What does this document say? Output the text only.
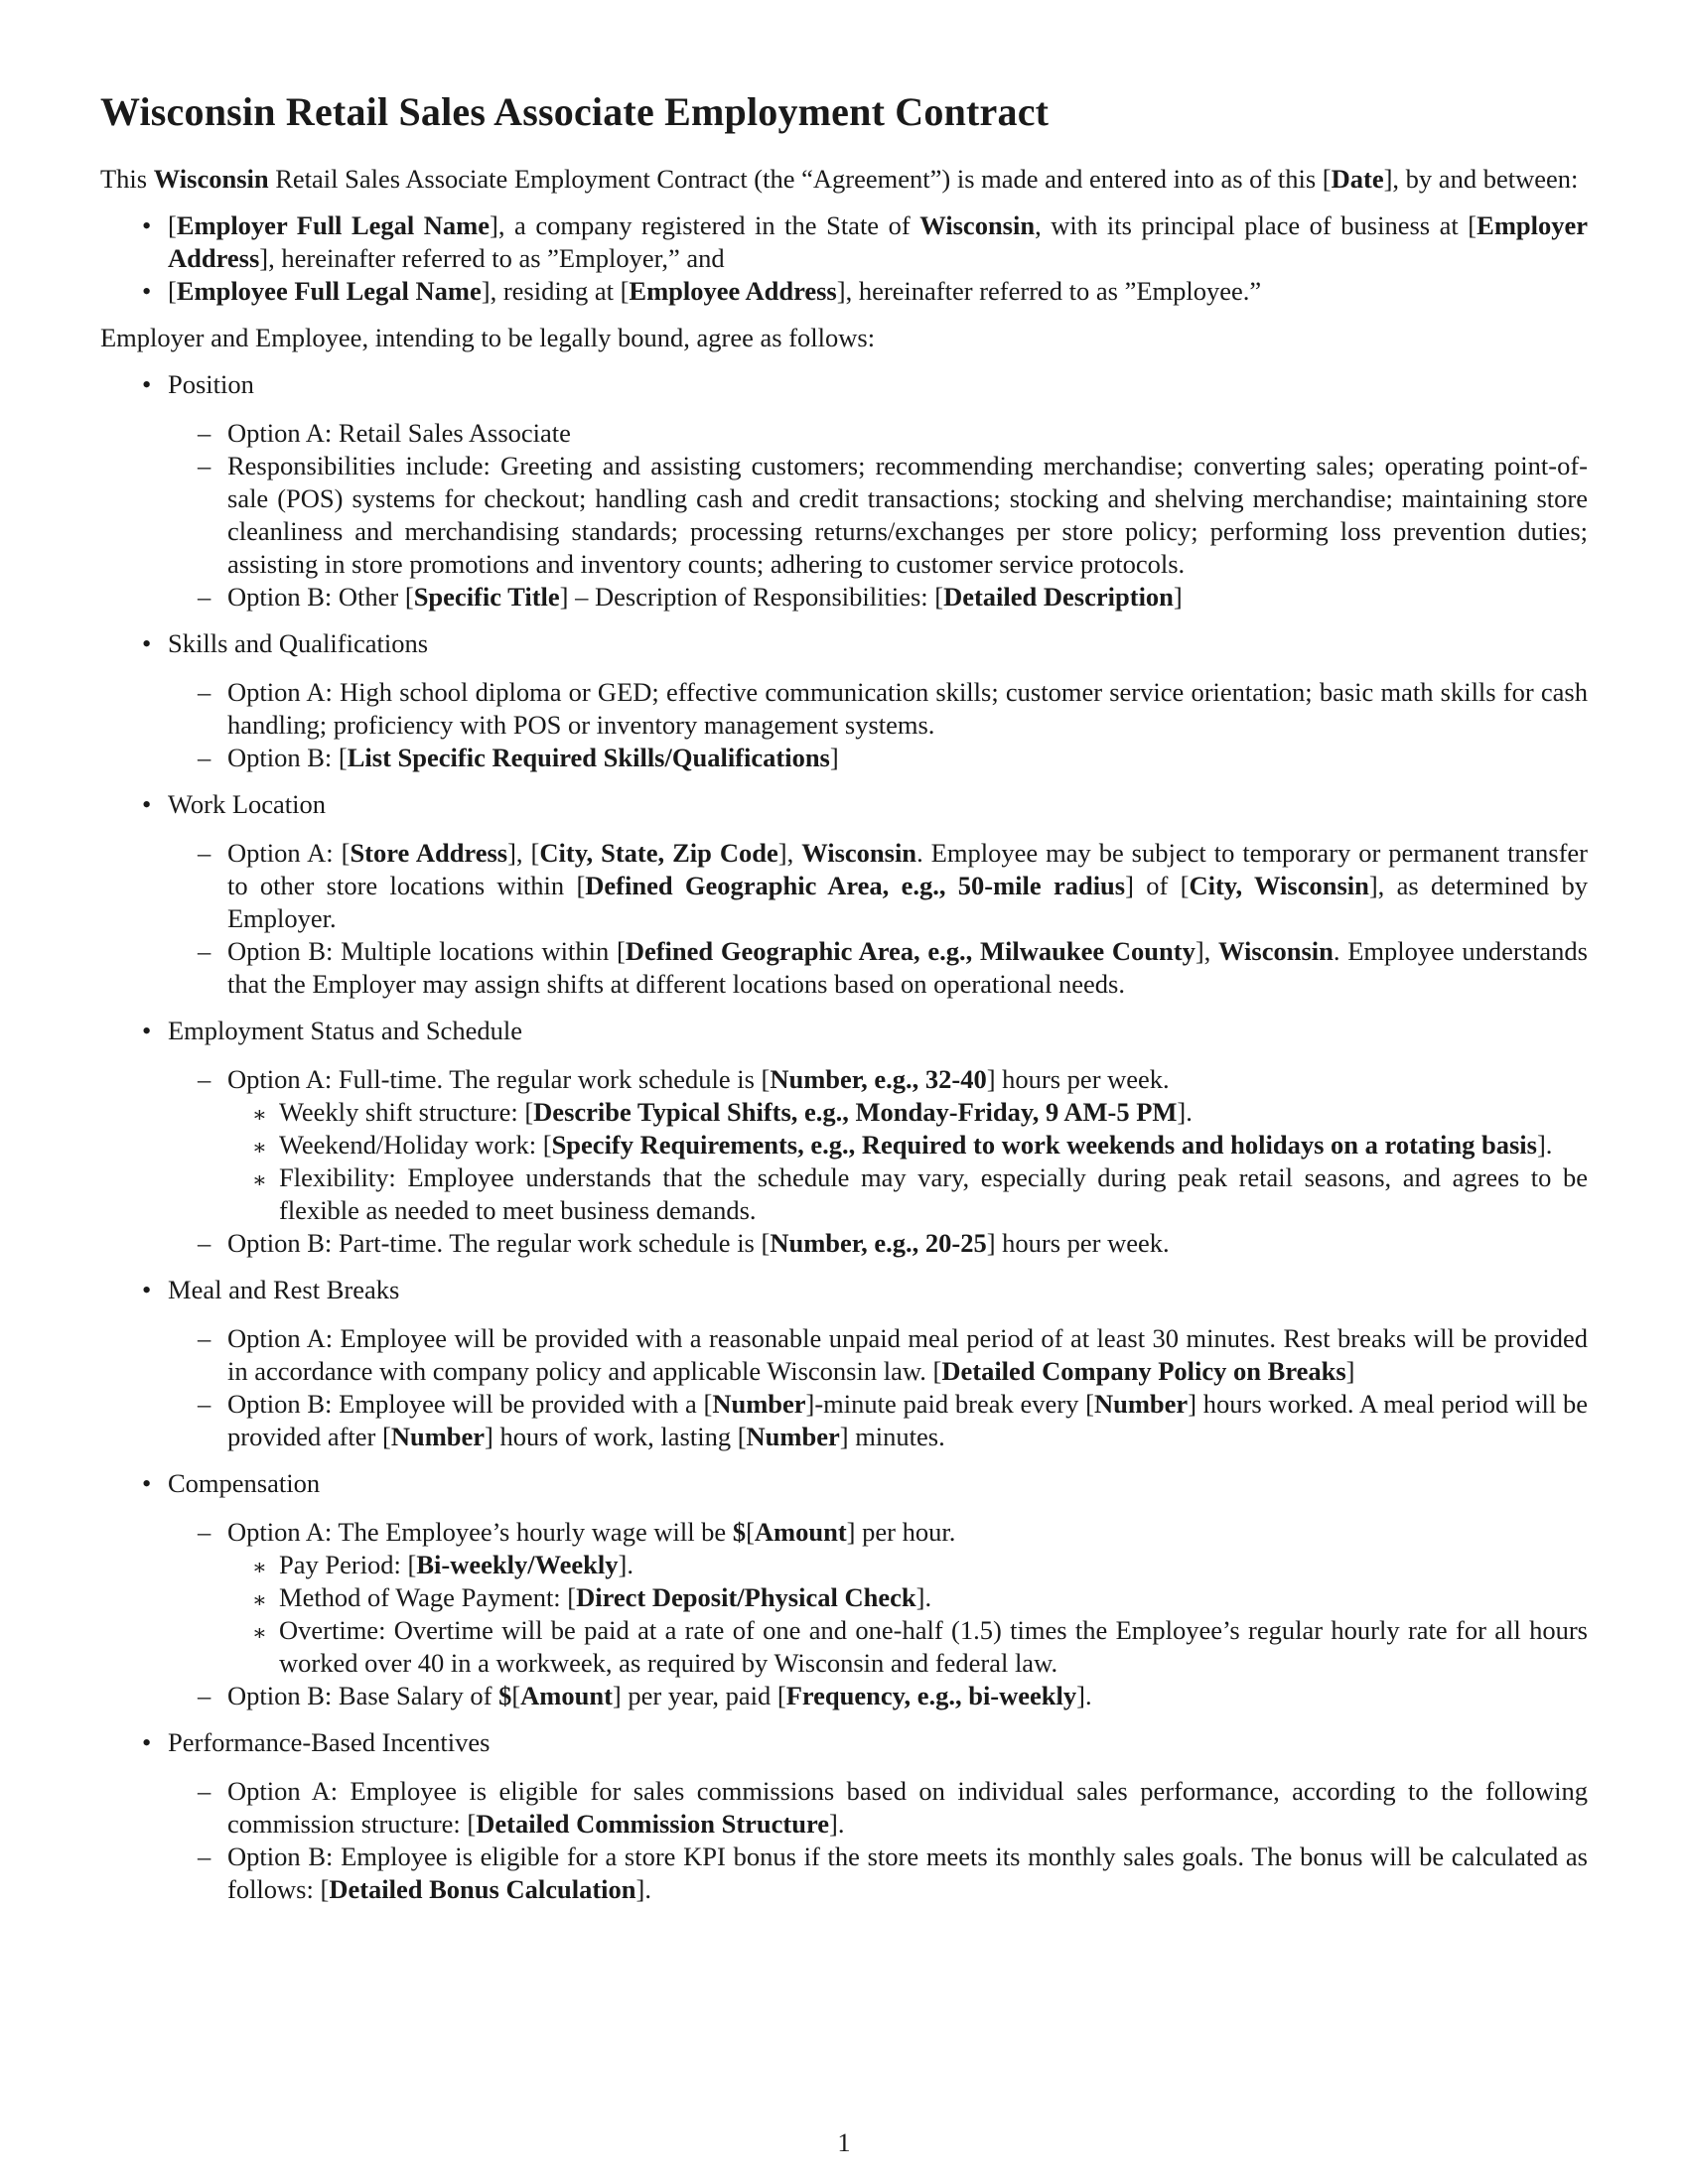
Wisconsin Retail Sales Associate Employment Contract

This Wisconsin Retail Sales Associate Employment Contract (the “Agreement”) is made and entered into as of this [Date], by and between:

• [Employer Full Legal Name], a company registered in the State of Wisconsin, with its principal place of business at [Employer Address], hereinafter referred to as ”Employer,” and
• [Employee Full Legal Name], residing at [Employee Address], hereinafter referred to as ”Employee.”

Employer and Employee, intending to be legally bound, agree as follows:

• Position
– Option A: Retail Sales Associate
– Responsibilities include: Greeting and assisting customers; recommending merchandise; converting sales; operating point-of-sale (POS) systems for checkout; handling cash and credit transactions; stocking and shelving merchandise; maintaining store cleanliness and merchandising standards; processing returns/exchanges per store policy; performing loss prevention duties; assisting in store promotions and inventory counts; adhering to customer service protocols.
– Option B: Other [Specific Title] – Description of Responsibilities: [Detailed Description]
• Skills and Qualifications
– Option A: High school diploma or GED; effective communication skills; customer service orientation; basic math skills for cash handling; proficiency with POS or inventory management systems.
– Option B: [List Specific Required Skills/Qualifications]
• Work Location
– Option A: [Store Address], [City, State, Zip Code], Wisconsin. Employee may be subject to temporary or permanent transfer to other store locations within [Defined Geographic Area, e.g., 50-mile radius] of [City, Wisconsin], as determined by Employer.
– Option B: Multiple locations within [Defined Geographic Area, e.g., Milwaukee County], Wisconsin. Employee understands that the Employer may assign shifts at different locations based on operational needs.
• Employment Status and Schedule
– Option A: Full-time. The regular work schedule is [Number, e.g., 32-40] hours per week.
∗ Weekly shift structure: [Describe Typical Shifts, e.g., Monday-Friday, 9 AM-5 PM].
∗ Weekend/Holiday work: [Specify Requirements, e.g., Required to work weekends and holidays on a rotating basis].
∗ Flexibility: Employee understands that the schedule may vary, especially during peak retail seasons, and agrees to be flexible as needed to meet business demands.
– Option B: Part-time. The regular work schedule is [Number, e.g., 20-25] hours per week.
• Meal and Rest Breaks
– Option A: Employee will be provided with a reasonable unpaid meal period of at least 30 minutes. Rest breaks will be provided in accordance with company policy and applicable Wisconsin law. [Detailed Company Policy on Breaks]
– Option B: Employee will be provided with a [Number]-minute paid break every [Number] hours worked. A meal period will be provided after [Number] hours of work, lasting [Number] minutes.
• Compensation
– Option A: The Employee’s hourly wage will be $[Amount] per hour.
∗ Pay Period: [Bi-weekly/Weekly].
∗ Method of Wage Payment: [Direct Deposit/Physical Check].
∗ Overtime: Overtime will be paid at a rate of one and one-half (1.5) times the Employee’s regular hourly rate for all hours worked over 40 in a workweek, as required by Wisconsin and federal law.
– Option B: Base Salary of $[Amount] per year, paid [Frequency, e.g., bi-weekly].
• Performance-Based Incentives
– Option A: Employee is eligible for sales commissions based on individual sales performance, according to the following commission structure: [Detailed Commission Structure].
– Option B: Employee is eligible for a store KPI bonus if the store meets its monthly sales goals. The bonus will be calculated as follows: [Detailed Bonus Calculation].
1
